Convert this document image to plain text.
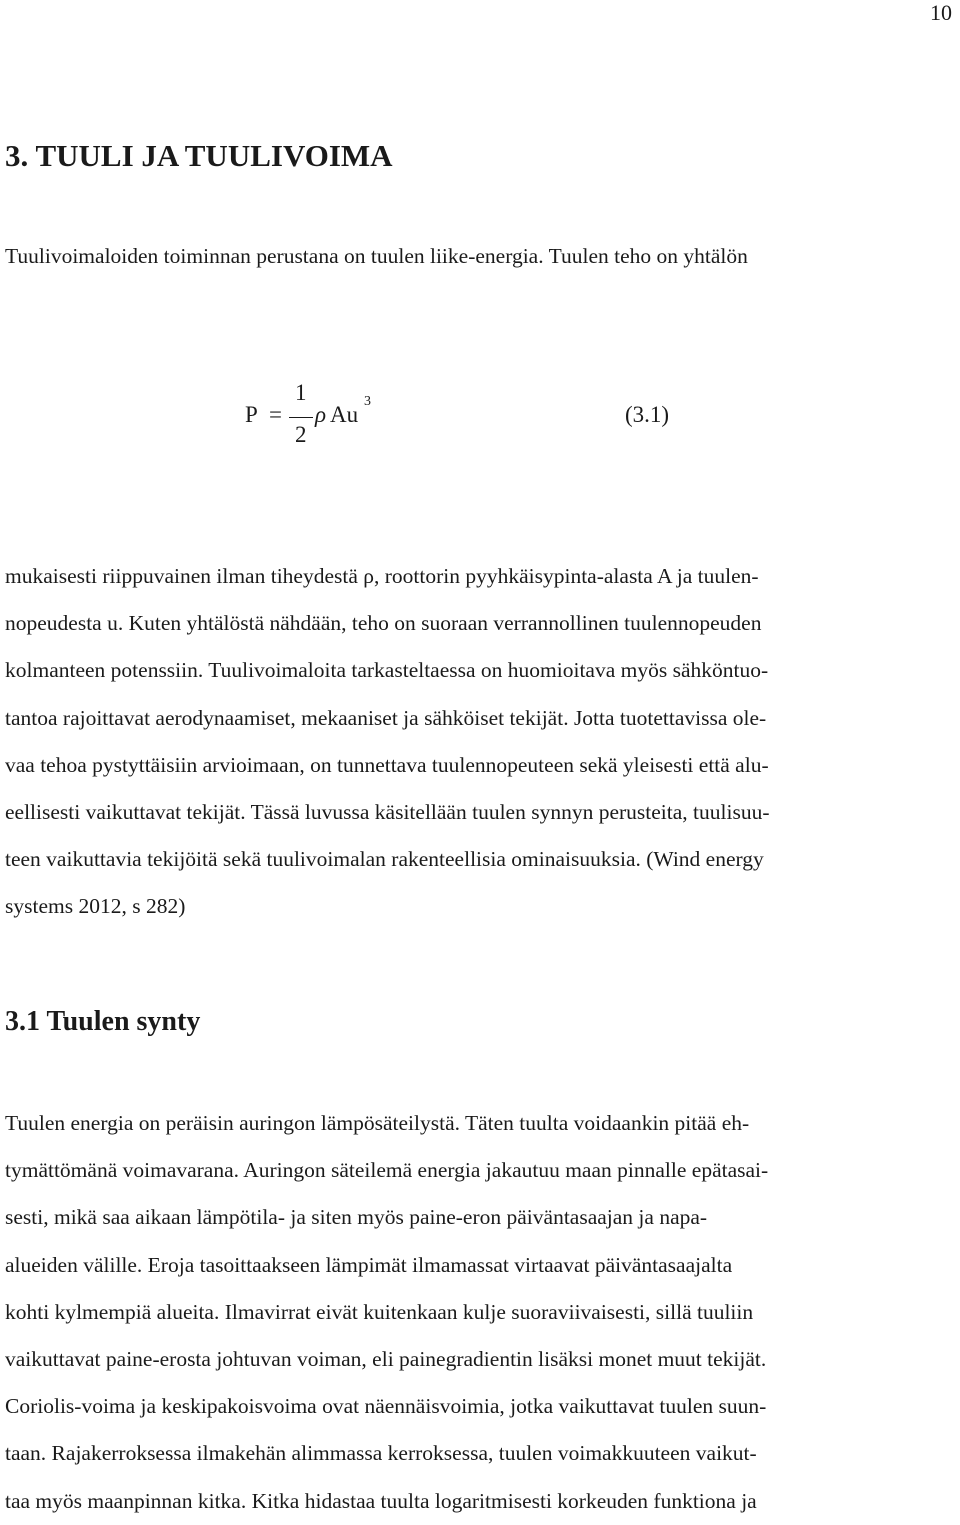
10
3. TUULI JA TUULIVOIMA

Tuulivoimaloiden toiminnan perustana on tuulen liike-energia. Tuulen teho on yhtälön

P =
1
2
ρ Au
3
(3.1)

mukaisesti riippuvainen ilman tiheydestä ρ, roottorin pyyhkäisypinta-alasta A ja tuulen-
nopeudesta u. Kuten yhtälöstä nähdään, teho on suoraan verrannollinen tuulennopeuden
kolmanteen potenssiin. Tuulivoimaloita tarkasteltaessa on huomioitava myös sähköntuo-
tantoa rajoittavat aerodynaamiset, mekaaniset ja sähköiset tekijät. Jotta tuotettavissa ole-
vaa tehoa pystyttäisiin arvioimaan, on tunnettava tuulennopeuteen sekä yleisesti että alu-
eellisesti vaikuttavat tekijät. Tässä luvussa käsitellään tuulen synnyn perusteita, tuulisuu-
teen vaikuttavia tekijöitä sekä tuulivoimalan rakenteellisia ominaisuuksia. (Wind energy
systems 2012, s 282)

3.1 Tuulen synty

Tuulen energia on peräisin auringon lämpösäteilystä. Täten tuulta voidaankin pitää eh-
tymättömänä voimavarana. Auringon säteilemä energia jakautuu maan pinnalle epätasai-
sesti, mikä saa aikaan lämpötila- ja siten myös paine-eron päiväntasaajan ja napa-
alueiden välille. Eroja tasoittaakseen lämpimät ilmamassat virtaavat päiväntasaajalta
kohti kylmempiä alueita. Ilmavirrat eivät kuitenkaan kulje suoraviivaisesti, sillä tuuliin
vaikuttavat paine-erosta johtuvan voiman, eli painegradientin lisäksi monet muut tekijät.
Coriolis-voima ja keskipakoisvoima ovat näennäisvoimia, jotka vaikuttavat tuulen suun-
taan. Rajakerroksessa ilmakehän alimmassa kerroksessa, tuulen voimakkuuteen vaikut-
taa myös maanpinnan kitka. Kitka hidastaa tuulta logaritmisesti korkeuden funktiona ja
